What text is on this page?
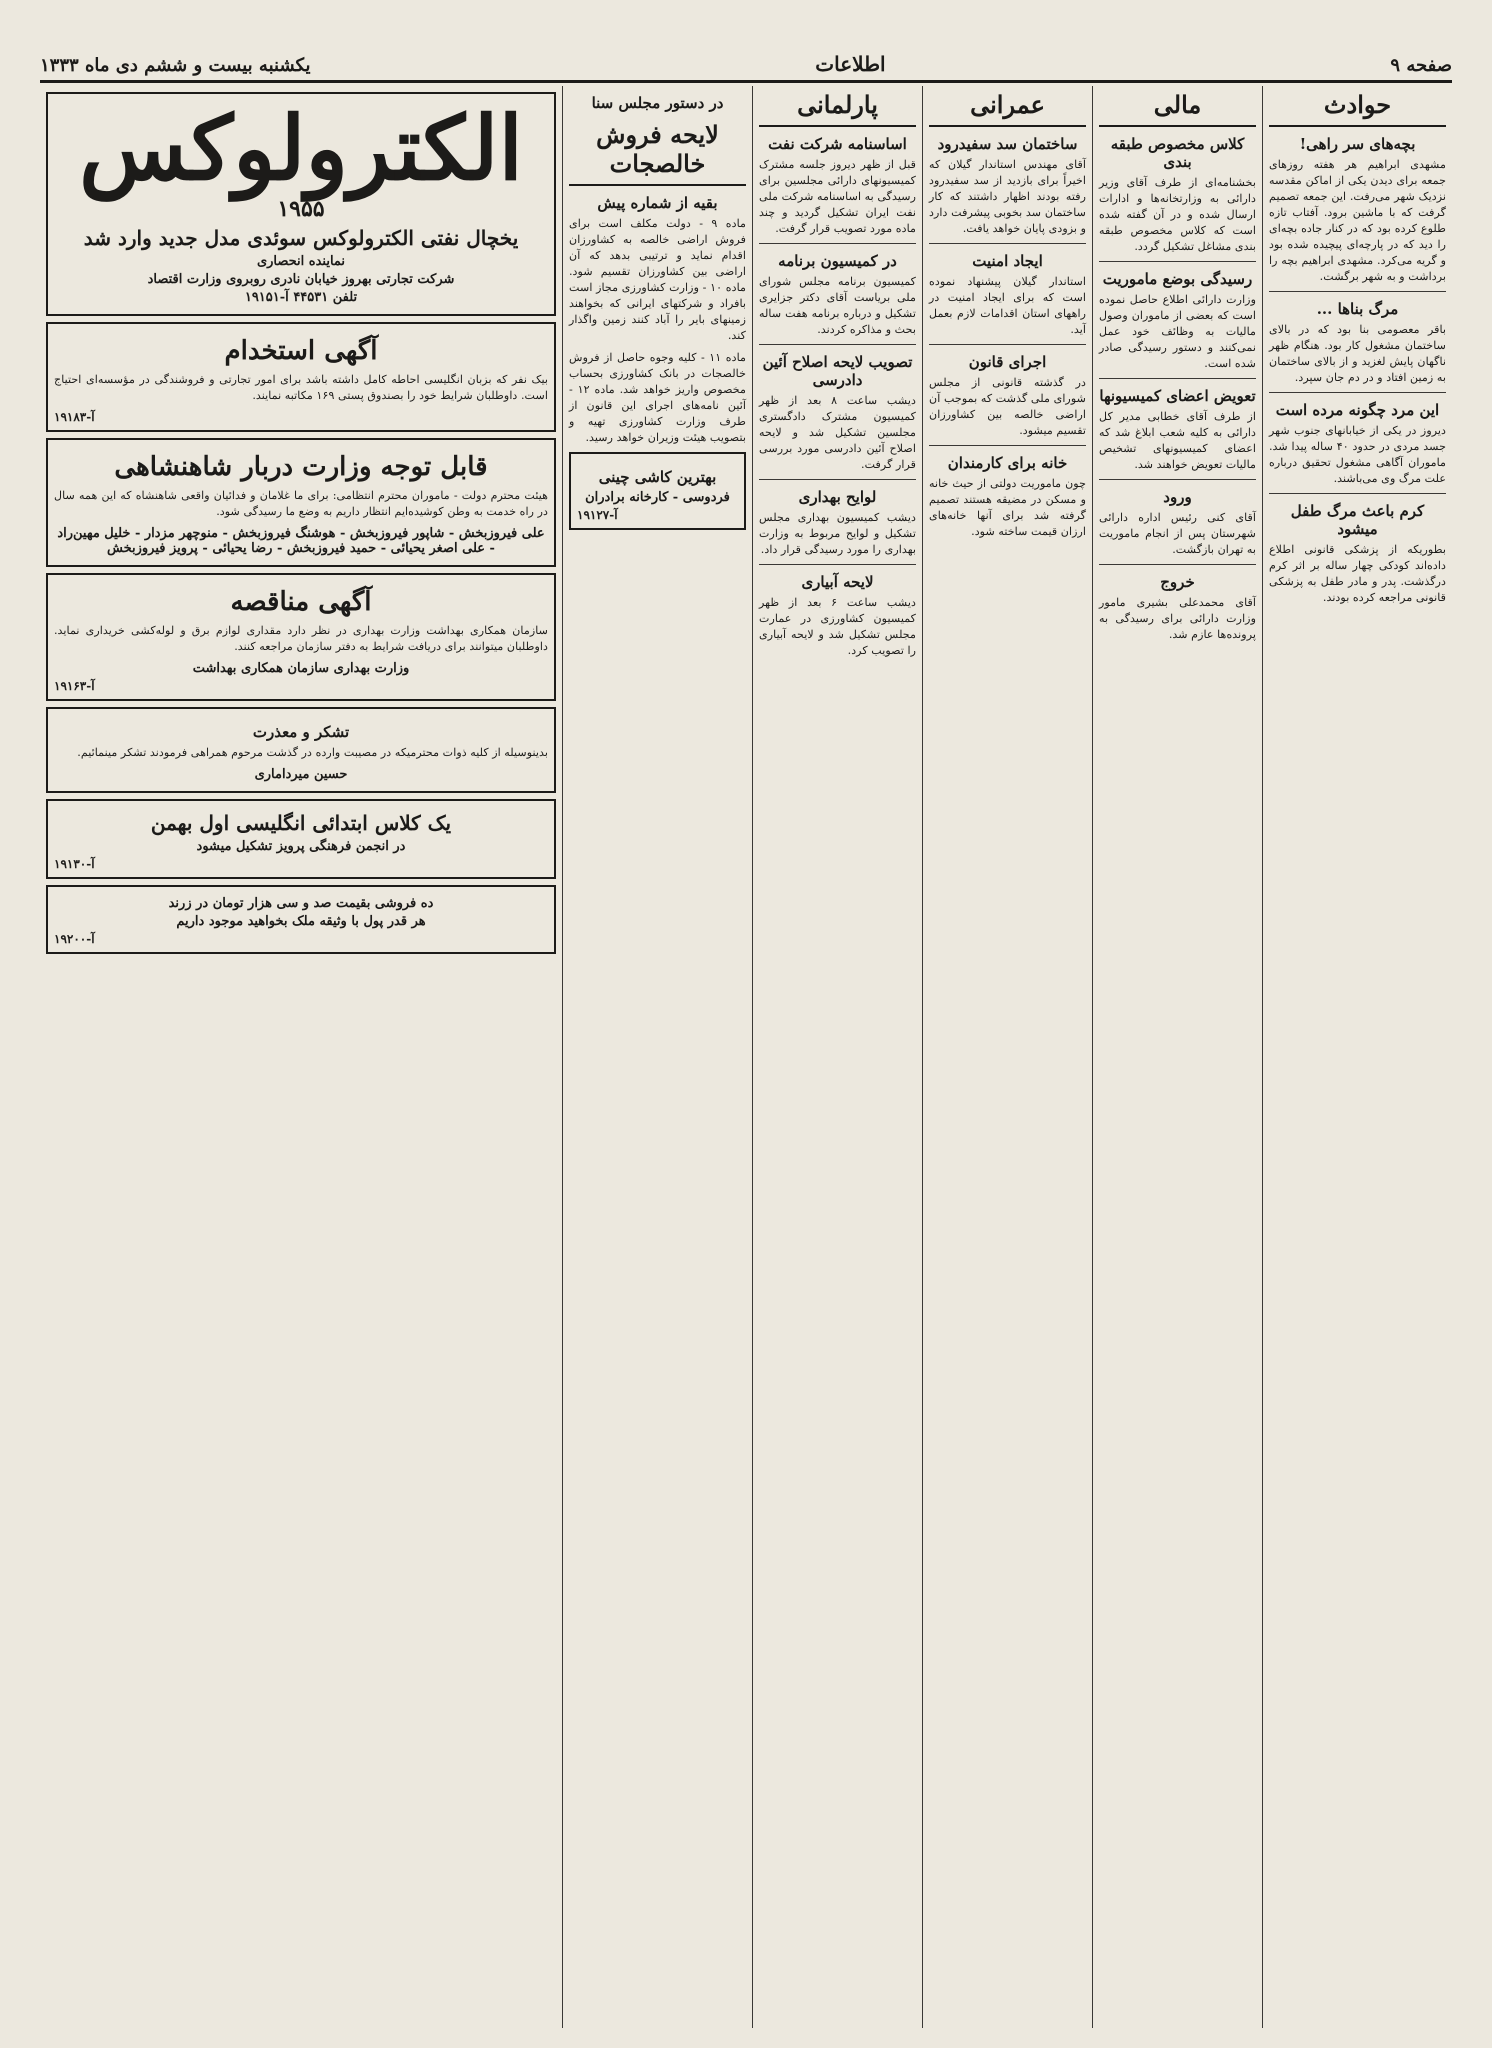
صفحه ۹
اطلاعات
یکشنبه بیست و ششم دی ماه ۱۳۳۳
حوادث
بچه‌های سر راهی!

مشهدی ابراهیم هر هفته روزهای جمعه برای دیدن یکی از اماکن مقدسه نزدیک شهر می‌رفت. این جمعه تصمیم گرفت که با ماشین برود. آفتاب تازه طلوع کرده بود که در کنار جاده بچه‌ای را دید که در پارچه‌ای پیچیده شده بود و گریه می‌کرد. مشهدی ابراهیم بچه را برداشت و به شهر برگشت.

مرگ بناها ...

باقر معصومی بنا بود که در بالای ساختمان مشغول کار بود. هنگام ظهر ناگهان پایش لغزید و از بالای ساختمان به زمین افتاد و در دم جان سپرد.

این مرد چگونه مرده است

دیروز در یکی از خیابانهای جنوب شهر جسد مردی در حدود ۴۰ ساله پیدا شد. ماموران آگاهی مشغول تحقیق درباره علت مرگ وی می‌باشند.

کرم باعث مرگ طفل میشود

بطوریکه از پزشکی قانونی اطلاع داده‌اند کودکی چهار ساله بر اثر کرم درگذشت. پدر و مادر طفل به پزشکی قانونی مراجعه کرده بودند.

مالی
کلاس مخصوص طبقه بندی

بخشنامه‌ای از طرف آقای وزیر دارائی به وزارتخانه‌ها و ادارات ارسال شده و در آن گفته شده است که کلاس مخصوص طبقه بندی مشاغل تشکیل گردد.

رسیدگی بوضع ماموریت

وزارت دارائی اطلاع حاصل نموده است که بعضی از ماموران وصول مالیات به وظائف خود عمل نمی‌کنند و دستور رسیدگی صادر شده است.

تعویض اعضای کمیسیونها

از طرف آقای خطابی مدیر کل دارائی به کلیه شعب ابلاغ شد که اعضای کمیسیونهای تشخیص مالیات تعویض خواهند شد.

ورود

آقای کنی رئیس اداره دارائی شهرستان پس از انجام ماموریت به تهران بازگشت.

خروج

آقای محمدعلی بشیری مامور وزارت دارائی برای رسیدگی به پرونده‌ها عازم شد.

عمرانی
ساختمان سد سفیدرود

آقای مهندس استاندار گیلان که اخیراً برای بازدید از سد سفیدرود رفته بودند اظهار داشتند که کار ساختمان سد بخوبی پیشرفت دارد و بزودی پایان خواهد یافت.

ایجاد امنیت

استاندار گیلان پیشنهاد نموده است که برای ایجاد امنیت در راههای استان اقدامات لازم بعمل آید.

اجرای قانون

در گذشته قانونی از مجلس شورای ملی گذشت که بموجب آن اراضی خالصه بین کشاورزان تقسیم میشود.

خانه برای کارمندان

چون ماموریت دولتی از حیث خانه و مسکن در مضیقه هستند تصمیم گرفته شد برای آنها خانه‌های ارزان قیمت ساخته شود.

پارلمانی
اساسنامه شرکت نفت

قبل از ظهر دیروز جلسه مشترک کمیسیونهای دارائی مجلسین برای رسیدگی به اساسنامه شرکت ملی نفت ایران تشکیل گردید و چند ماده مورد تصویب قرار گرفت.

در کمیسیون برنامه

کمیسیون برنامه مجلس شورای ملی بریاست آقای دکتر جزایری تشکیل و درباره برنامه هفت ساله بحث و مذاکره کردند.

تصویب لایحه اصلاح آئین دادرسی

دیشب ساعت ۸ بعد از ظهر کمیسیون مشترک دادگستری مجلسین تشکیل شد و لایحه اصلاح آئین دادرسی مورد بررسی قرار گرفت.

لوایح بهداری

دیشب کمیسیون بهداری مجلس تشکیل و لوایح مربوط به وزارت بهداری را مورد رسیدگی قرار داد.

لایحه آبیاری

دیشب ساعت ۶ بعد از ظهر کمیسیون کشاورزی در عمارت مجلس تشکیل شد و لایحه آبیاری را تصویب کرد.

در دستور مجلس سنا
لایحه فروش خالصجات
بقیه از شماره پیش

ماده ۹ - دولت مکلف است برای فروش اراضی خالصه به کشاورزان اقدام نماید و ترتیبی بدهد که آن اراضی بین کشاورزان تقسیم شود. ماده ۱۰ - وزارت کشاورزی مجاز است بافراد و شرکتهای ایرانی که بخواهند زمینهای بایر را آباد کنند زمین واگذار کند.

ماده ۱۱ - کلیه وجوه حاصل از فروش خالصجات در بانک کشاورزی بحساب مخصوص واریز خواهد شد. ماده ۱۲ - آئین نامه‌های اجرای این قانون از طرف وزارت کشاورزی تهیه و بتصویب هیئت وزیران خواهد رسید.

بهترین کاشی چینی
فردوسی - کارخانه برادران
آ-۱۹۱۲۷
الکترولوکس
۱۹۵۵
یخچال نفتی الکترولوکس سوئدی مدل جدید وارد شد
نماینده انحصاری
شرکت تجارتی بهروز خیابان نادری روبروی وزارت اقتصاد
تلفن ۴۴۵۳۱ آ-۱۹۱۵۱
آگهی استخدام

بیک نفر که بزبان انگلیسی احاطه کامل داشته باشد برای امور تجارتی و فروشندگی در مؤسسه‌ای احتیاج است. داوطلبان شرایط خود را بصندوق پستی ۱۶۹ مکاتبه نمایند.

آ-۱۹۱۸۳
قابل توجه وزارت دربار شاهنشاهی

هیئت محترم دولت - ماموران محترم انتظامی: برای ما غلامان و فدائیان واقعی شاهنشاه که این همه سال در راه خدمت به وطن کوشیده‌ایم انتظار داریم به وضع ما رسیدگی شود.

علی فیروزبخش - شاپور فیروزبخش - هوشنگ فیروزبخش - منوچهر مزدار - خلیل مهین‌راد - علی اصغر یحیائی - حمید فیروزبخش - رضا یحیائی - پرویز فیروزبخش
آگهی مناقصه

سازمان همکاری بهداشت وزارت بهداری در نظر دارد مقداری لوازم برق و لوله‌کشی خریداری نماید. داوطلبان میتوانند برای دریافت شرایط به دفتر سازمان مراجعه کنند.

وزارت بهداری سازمان همکاری بهداشت
آ-۱۹۱۶۳
تشکر و معذرت

بدینوسیله از کلیه ذوات محترمیکه در مصیبت وارده در گذشت مرحوم همراهی فرمودند تشکر مینمائیم.

حسین میرداماری
یک کلاس ابتدائی انگلیسی اول بهمن
در انجمن فرهنگی پرویز تشکیل میشود
آ-۱۹۱۳۰
ده فروشی بقیمت صد و سی هزار تومان در زرند
هر قدر پول با وثیقه ملک بخواهید موجود داریم
آ-۱۹۲۰۰
